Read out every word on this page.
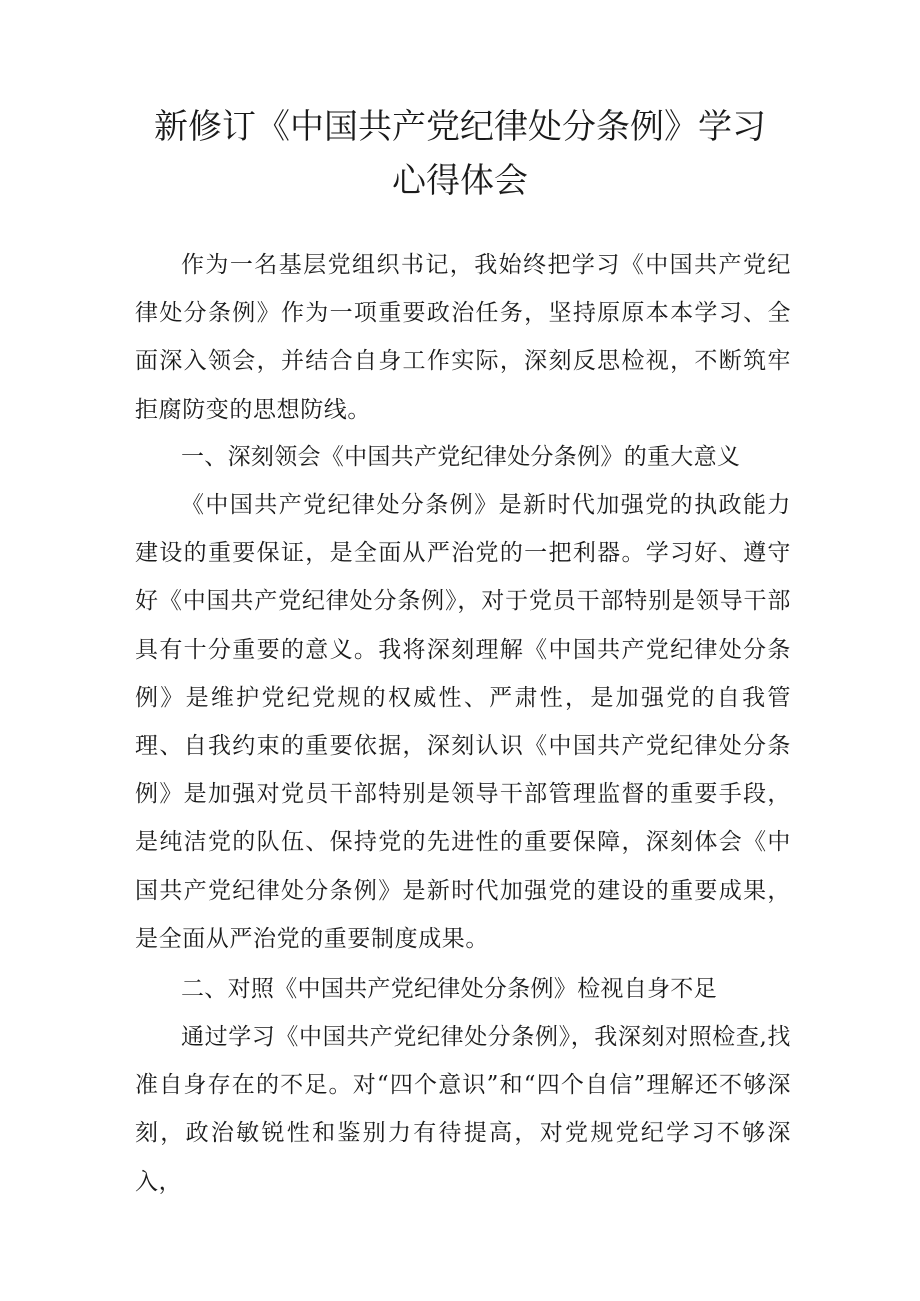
新修订《中国共产党纪律处分条例》学习
心得体会

作为一名基层党组织书记，我始终把学习《中国共产党纪律处分条例》作为一项重要政治任务，坚持原原本本学习、全面深入领会，并结合自身工作实际，深刻反思检视，不断筑牢拒腐防变的思想防线。

一、深刻领会《中国共产党纪律处分条例》的重大意义

《中国共产党纪律处分条例》是新时代加强党的执政能力建设的重要保证，是全面从严治党的一把利器。学习好、遵守好《中国共产党纪律处分条例》，对于党员干部特别是领导干部具有十分重要的意义。我将深刻理解《中国共产党纪律处分条例》是维护党纪党规的权威性、严肃性，是加强党的自我管理、自我约束的重要依据，深刻认识《中国共产党纪律处分条例》是加强对党员干部特别是领导干部管理监督的重要手段，是纯洁党的队伍、保持党的先进性的重要保障，深刻体会《中国共产党纪律处分条例》是新时代加强党的建设的重要成果，是全面从严治党的重要制度成果。

二、对照《中国共产党纪律处分条例》检视自身不足

通过学习《中国共产党纪律处分条例》，我深刻对照检查,找准自身存在的不足。对“四个意识”和“四个自信”理解还不够深刻，政治敏锐性和鉴别力有待提高，对党规党纪学习不够深入，
